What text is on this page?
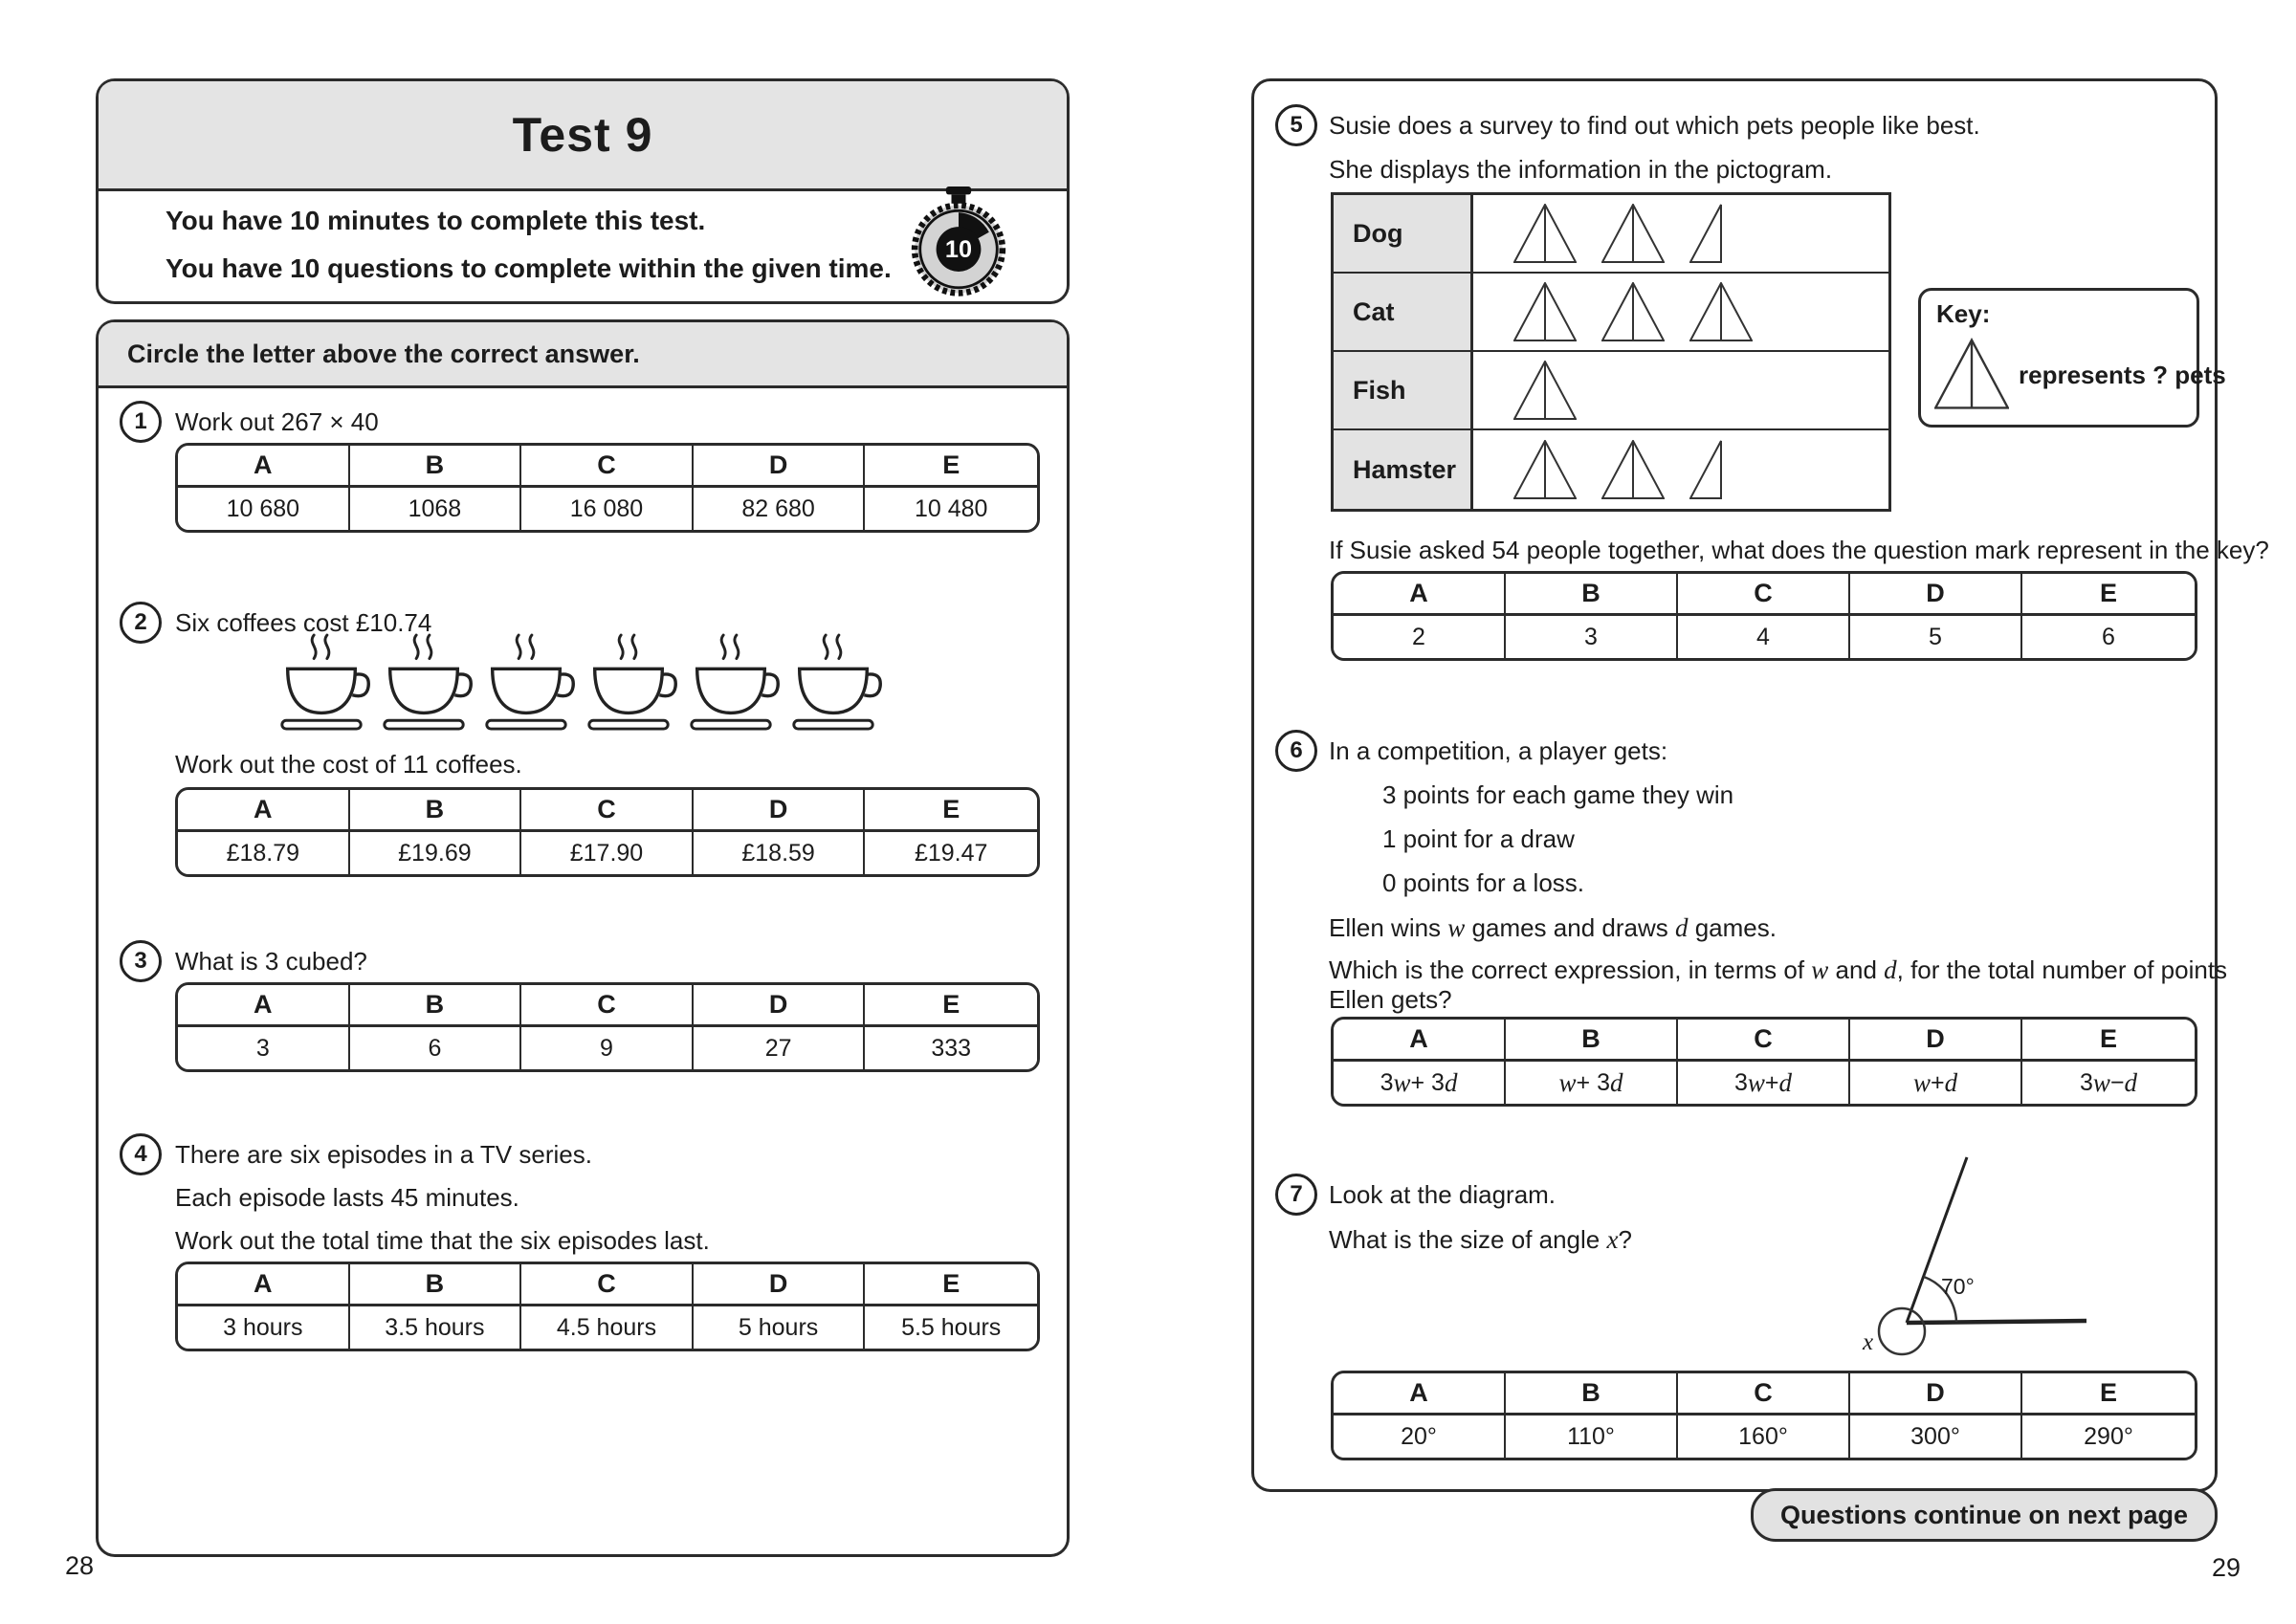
Test 9
You have 10 minutes to complete this test.
You have 10 questions to complete within the given time.
10
Circle the letter above the correct answer.
1	Work out 267 × 40
A	B	C	D	E
10 680	1068	16 080	82 680	10 480
2	Six coffees cost £10.74
Work out the cost of 11 coffees.
A	B	C	D	E
£18.79	£19.69	£17.90	£18.59	£19.47
3	What is 3 cubed?
A	B	C	D	E
3	6	9	27	333
4	There are six episodes in a TV series.
Each episode lasts 45 minutes.
Work out the total time that the six episodes last.
A	B	C	D	E
3 hours	3.5 hours	4.5 hours	5 hours	5.5 hours
28
5	Susie does a survey to find out which pets people like best.
She displays the information in the pictogram.
Dog
Cat
Fish
Hamster
Key:
represents ? pets
If Susie asked 54 people together, what does the question mark represent in the key?
A	B	C	D	E
2	3	4	5	6
6	In a competition, a player gets:
3 points for each game they win
1 point for a draw
0 points for a loss.
Ellen wins w games and draws d games.
Which is the correct expression, in terms of w and d, for the total number of points
Ellen gets?
A	B	C	D	E
3 w + 3 d	w + 3 d	3 w + d	w + d	3 w − d
7	Look at the diagram.
What is the size of angle x?
70°
x
A	B	C	D	E
20°	110°	160°	300°	290°
Questions continue on next page
29
